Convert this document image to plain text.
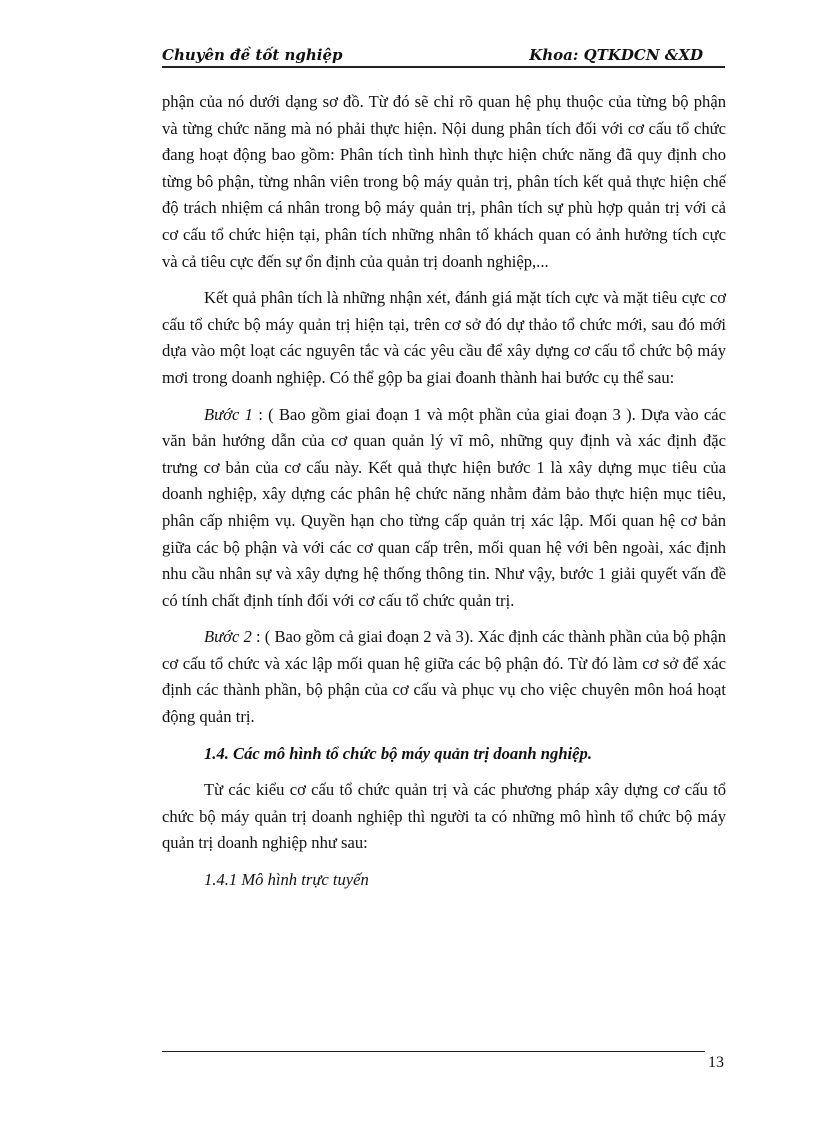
Chuyên đề tốt nghiệp	Khoa: QTKDCN &XD

phận của nó dưới dạng sơ đồ. Từ đó sẽ chỉ rõ quan hệ phụ thuộc của từng bộ phận và từng chức năng mà nó phải thực hiện. Nội dung phân tích đối với cơ cấu tổ chức đang hoạt động bao gồm: Phân tích tình hình thực hiện chức năng đã quy định cho từng bô phận, từng nhân viên trong bộ máy quản trị, phân tích kết quả thực hiện chế độ trách nhiệm cá nhân trong bộ máy quản trị, phân tích sự phù hợp quản trị với cả cơ cấu tổ chức hiện tại, phân tích những nhân tố khách quan có ảnh hưởng tích cực và cả tiêu cực đến sự ổn định của quản trị doanh nghiệp,...

Kết quả phân tích là những nhận xét, đánh giá mặt tích cực và mặt tiêu cực cơ cấu tổ chức bộ máy quản trị hiện tại, trên cơ sở đó dự thảo tổ chức mới, sau đó mới dựa vào một loạt các nguyên tắc và các yêu cầu để xây dựng cơ cấu tổ chức bộ máy mơi trong doanh nghiệp. Có thể gộp ba giai đoanh thành hai bước cụ thể sau:

Bước 1 : ( Bao gồm giai đoạn 1 và một phần của giai đoạn 3 ). Dựa vào các văn bản hướng dẫn của cơ quan quản lý vĩ mô, những quy định và xác định đặc trưng cơ bản của cơ cấu này. Kết quả thực hiện bước 1 là xây dựng mục tiêu của doanh nghiệp, xây dựng các phân hệ chức năng nhằm đảm bảo thực hiện mục tiêu, phân cấp nhiệm vụ. Quyền hạn cho từng cấp quản trị xác lập. Mối quan hệ cơ bản giữa các bộ phận và với các cơ quan cấp trên, mối quan hệ với bên ngoài, xác định nhu cầu nhân sự và xây dựng hệ thống thông tin. Như vậy, bước 1 giải quyết vấn đề có tính chất định tính đối với cơ cấu tổ chức quản trị.

Bước 2 : ( Bao gồm cả giai đoạn 2 và 3). Xác định các thành phần của bộ phận cơ cấu tổ chức và xác lập mối quan hệ giữa các bộ phận đó. Từ đó làm cơ sở để xác định các thành phần, bộ phận của cơ cấu và phục vụ cho việc chuyên môn hoá hoạt động quản trị.

1.4. Các mô hình tổ chức bộ máy quản trị doanh nghiệp.

Từ các kiểu cơ cấu tổ chức quản trị và các phương pháp xây dựng cơ cấu tổ chức bộ máy quản trị doanh nghiệp thì người ta có những mô hình tổ chức bộ máy quản trị doanh nghiệp như sau:

1.4.1 Mô hình trực tuyến

13
